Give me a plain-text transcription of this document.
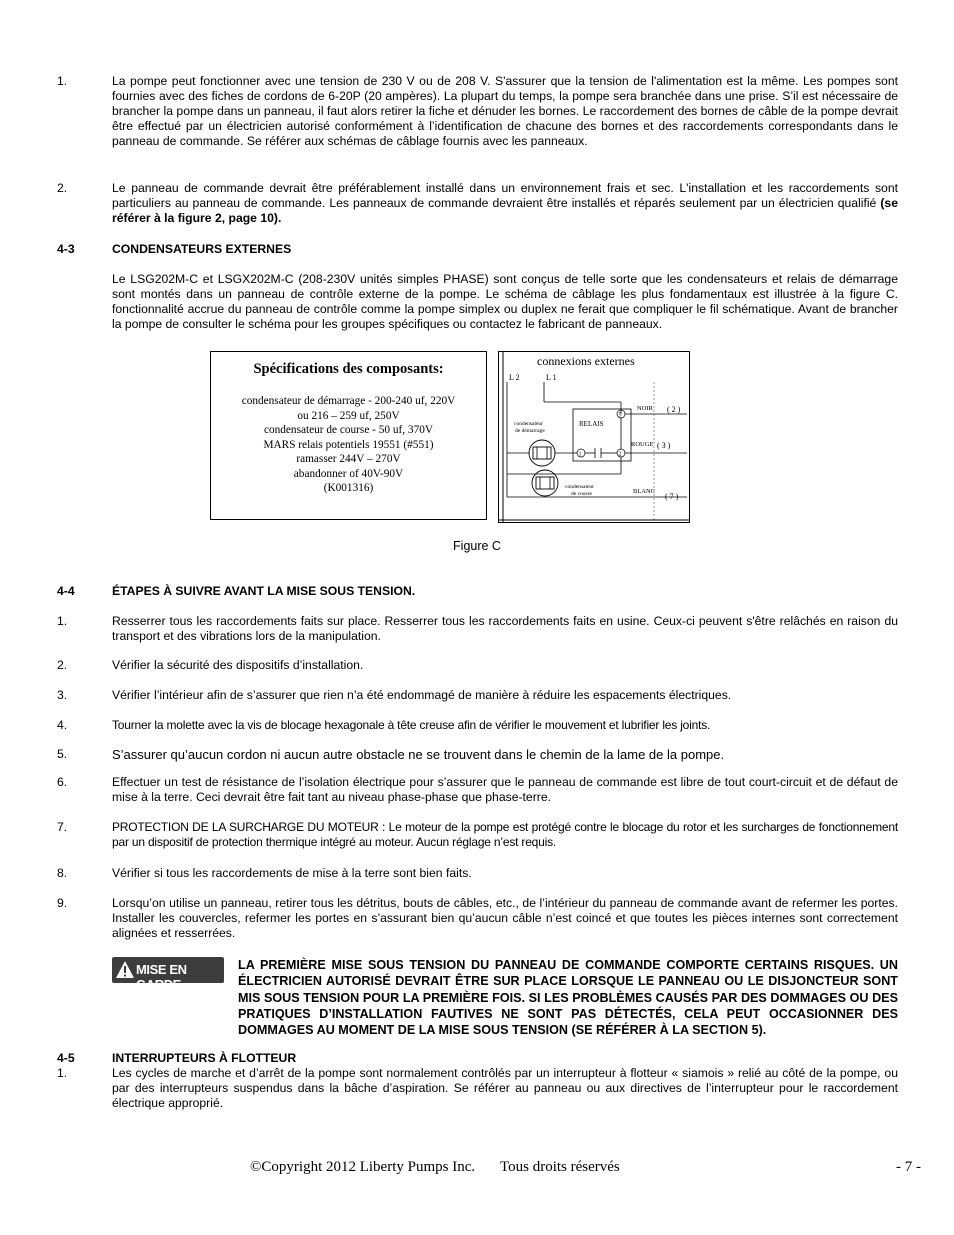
1.	La pompe peut fonctionner avec une tension de 230 V ou de 208 V. S'assurer que la tension de l'alimentation est la même. Les pompes sont fournies avec des fiches de cordons de 6-20P (20 ampères). La plupart du temps, la pompe sera branchée dans une prise. S’il est nécessaire de brancher la pompe dans un panneau, il faut alors retirer la fiche et dénuder les bornes. Le raccordement des bornes de câble de la pompe devrait être effectué par un électricien autorisé conformément à l’identification de chacune des bornes et des raccordements correspondants dans le panneau de commande. Se référer aux schémas de câblage fournis avec les panneaux.
2.	Le panneau de commande devrait être préférablement installé dans un environnement frais et sec. L'installation et les raccordements sont particuliers au panneau de commande. Les panneaux de commande devraient être installés et réparés seulement par un électricien qualifié (se référer à la figure 2, page 10).
4-3	CONDENSATEURS EXTERNES
Le LSG202M-C et LSGX202M-C (208-230V unités simples PHASE) sont conçus de telle sorte que les condensateurs et relais de démarrage sont montés dans un panneau de contrôle externe de la pompe. Le schéma de câblage les plus fondamentaux est illustrée à la figure C. fonctionnalité accrue du panneau de contrôle comme la pompe simplex ou duplex ne ferait que compliquer le fil schématique. Avant de brancher la pompe de consulter le schéma pour les groupes spécifiques ou contactez le fabricant de panneaux.
Spécifications des composants:
condensateur de démarrage - 200-240 uf, 220V
ou 216 – 259 uf, 250V
condensateur de course - 50 uf, 370V
MARS relais potentiels 19551 (#551)
ramasser 244V – 270V
abandonner of 40V-90V
(K001316)
connexions externes
L 2	L 1
RELAIS
5
2
1
NOIR ( 2 )
ROUGE ( 3 )
condensateur
de démarrage
condensateur
de course	BLANC
( 7 )
Figure C
4-4	ÉTAPES À SUIVRE AVANT LA MISE SOUS TENSION.
1.	Resserrer tous les raccordements faits sur place. Resserrer tous les raccordements faits en usine. Ceux-ci peuvent s'être relâchés en raison du transport et des vibrations lors de la manipulation.
2.	Vérifier la sécurité des dispositifs d’installation.
3.	Vérifier l’intérieur afin de s’assurer que rien n’a été endommagé de manière à réduire les espacements électriques.
4.	Tourner la molette avec la vis de blocage hexagonale à tête creuse afin de vérifier le mouvement et lubrifier les joints.
5.	S’assurer qu’aucun cordon ni aucun autre obstacle ne se trouvent dans le chemin de la lame de la pompe.
6.	Effectuer un test de résistance de l’isolation électrique pour s’assurer que le panneau de commande est libre de tout court-circuit et de défaut de mise à la terre. Ceci devrait être fait tant au niveau phase-phase que phase-terre.
7.	PROTECTION DE LA SURCHARGE DU MOTEUR : Le moteur de la pompe est protégé contre le blocage du rotor et les surcharges de fonctionnement par un dispositif de protection thermique intégré au moteur. Aucun réglage n’est requis.
8.	Vérifier si tous les raccordements de mise à la terre sont bien faits.
9.	Lorsqu’on utilise un panneau, retirer tous les détritus, bouts de câbles, etc., de l’intérieur du panneau de commande avant de refermer les portes. Installer les couvercles, refermer les portes en s’assurant bien qu’aucun câble n’est coincé et que toutes les pièces internes sont correctement alignées et resserrées.
MISE EN GARDE
LA PREMIÈRE MISE SOUS TENSION DU PANNEAU DE COMMANDE COMPORTE CERTAINS RISQUES. UN ÉLECTRICIEN AUTORISÉ DEVRAIT ÊTRE SUR PLACE LORSQUE LE PANNEAU OU LE DISJONCTEUR SONT MIS SOUS TENSION POUR LA PREMIÈRE FOIS. SI LES PROBLÈMES CAUSÉS PAR DES DOMMAGES OU DES PRATIQUES D’INSTALLATION FAUTIVES NE SONT PAS DÉTECTÉS, CELA PEUT OCCASIONNER DES DOMMAGES AU MOMENT DE LA MISE SOUS TENSION (SE RÉFÉRER À LA SECTION 5).
4-5	INTERRUPTEURS À FLOTTEUR
1.	Les cycles de marche et d’arrêt de la pompe sont normalement contrôlés par un interrupteur à flotteur « siamois » relié au côté de la pompe, ou par des interrupteurs suspendus dans la bâche d’aspiration. Se référer au panneau ou aux directives de l’interrupteur pour le raccordement électrique approprié.
©Copyright 2012 Liberty Pumps Inc. Tous droits réservés	- 7 -
